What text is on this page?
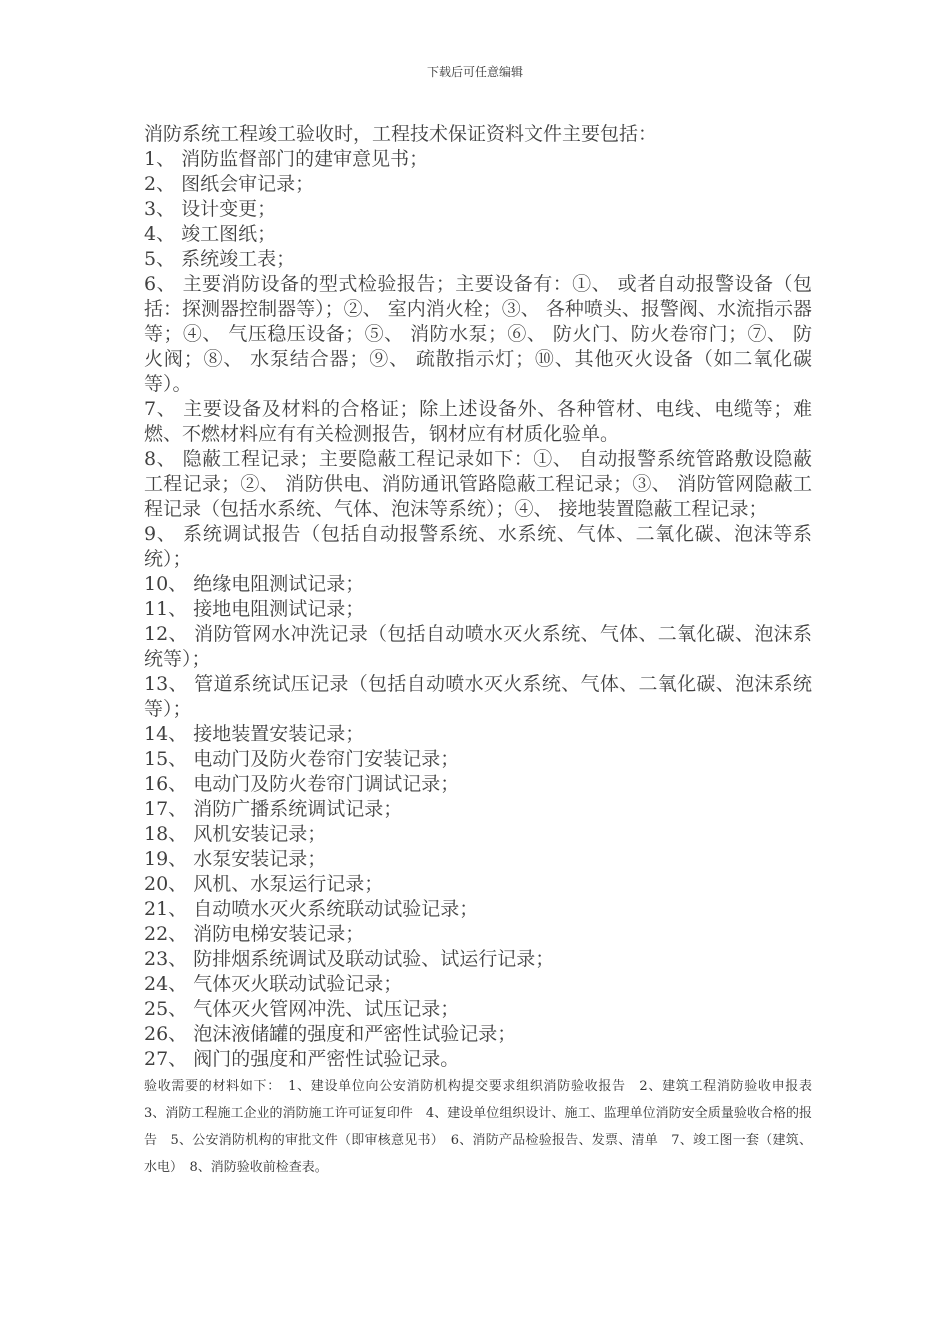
下载后可任意编辑

消防系统工程竣工验收时，工程技术保证资料文件主要包括：

1、 消防监督部门的建审意见书；

2、 图纸会审记录；

3、 设计变更；

4、 竣工图纸；

5、 系统竣工表；

6、 主要消防设备的型式检验报告；主要设备有：①、 或者自动报警设备（包括：探测器控制器等）；②、 室内消火栓；③、 各种喷头、报警阀、水流指示器等；④、 气压稳压设备；⑤、 消防水泵；⑥、 防火门、防火卷帘门；⑦、 防火阀；⑧、 水泵结合器；⑨、 疏散指示灯；⑩、其他灭火设备（如二氧化碳等）。

7、 主要设备及材料的合格证；除上述设备外、各种管材、电线、电缆等；难燃、不燃材料应有有关检测报告，钢材应有材质化验单。

8、 隐蔽工程记录；主要隐蔽工程记录如下：①、 自动报警系统管路敷设隐蔽工程记录；②、 消防供电、消防通讯管路隐蔽工程记录；③、 消防管网隐蔽工程记录（包括水系统、气体、泡沫等系统）；④、 接地装置隐蔽工程记录；

9、 系统调试报告（包括自动报警系统、水系统、气体、二氧化碳、泡沫等系统）；

10、 绝缘电阻测试记录；

11、 接地电阻测试记录；

12、 消防管网水冲洗记录（包括自动喷水灭火系统、气体、二氧化碳、泡沫系统等）；

13、 管道系统试压记录（包括自动喷水灭火系统、气体、二氧化碳、泡沫系统等）；

14、 接地装置安装记录；

15、 电动门及防火卷帘门安装记录；

16、 电动门及防火卷帘门调试记录；

17、 消防广播系统调试记录；

18、 风机安装记录；

19、 水泵安装记录；

20、 风机、水泵运行记录；

21、 自动喷水灭火系统联动试验记录；

22、 消防电梯安装记录；

23、 防排烟系统调试及联动试验、试运行记录；

24、 气体灭火联动试验记录；

25、 气体灭火管网冲洗、试压记录；

26、 泡沫液储罐的强度和严密性试验记录；

27、 阀门的强度和严密性试验记录。

验收需要的材料如下：　1、建设单位向公安消防机构提交要求组织消防验收报告　2、建筑工程消防验收申报表　3、消防工程施工企业的消防施工许可证复印件　4、建设单位组织设计、施工、监理单位消防安全质量验收合格的报告　5、公安消防机构的审批文件（即审核意见书）　6、消防产品检验报告、发票、清单　7、竣工图一套（建筑、水电）　8、消防验收前检查表。
